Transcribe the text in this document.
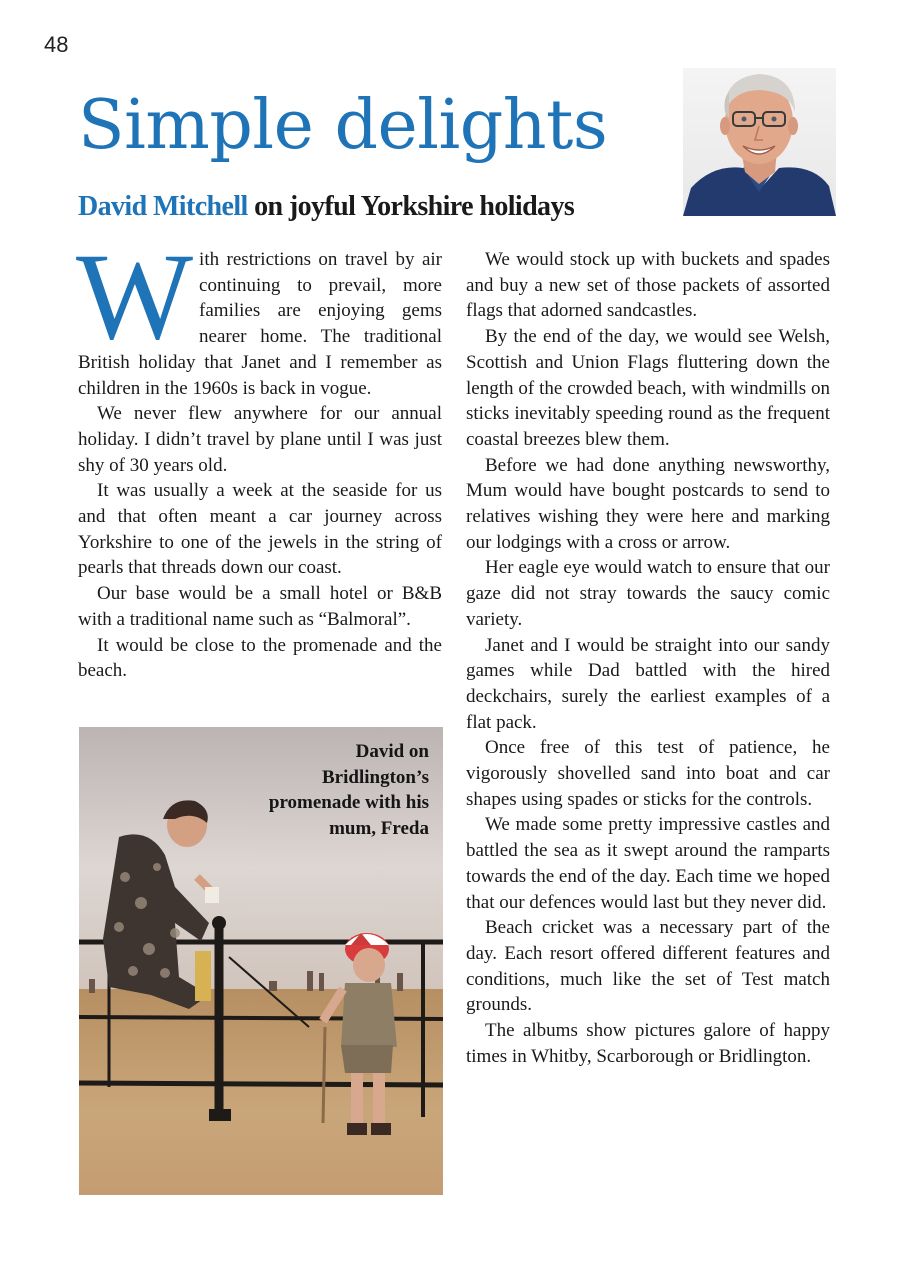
48
Simple delights
David Mitchell on joyful Yorkshire holidays

With restrictions on travel by air continuing to prevail, more families are enjoying gems nearer home. The traditional British holiday that Janet and I remember as children in the 1960s is back in vogue.

We never flew anywhere for our annual holiday. I didn’t travel by plane until I was just shy of 30 years old.

It was usually a week at the seaside for us and that often meant a car journey across Yorkshire to one of the jewels in the string of pearls that threads down our coast.

Our base would be a small hotel or B&B with a traditional name such as “Balmoral”.

It would be close to the promenade and the beach.

David on Bridlington’s promenade with his mum, Freda

We would stock up with buckets and spades and buy a new set of those packets of assorted flags that adorned sandcastles.

By the end of the day, we would see Welsh, Scottish and Union Flags fluttering down the length of the crowded beach, with windmills on sticks inevitably speeding round as the frequent coastal breezes blew them.

Before we had done anything newsworthy, Mum would have bought postcards to send to relatives wishing they were here and marking our lodgings with a cross or arrow.

Her eagle eye would watch to ensure that our gaze did not stray towards the saucy comic variety.

Janet and I would be straight into our sandy games while Dad battled with the hired deckchairs, surely the earliest examples of a flat pack.

Once free of this test of patience, he vigorously shovelled sand into boat and car shapes using spades or sticks for the controls.

We made some pretty impressive castles and battled the sea as it swept around the ramparts towards the end of the day. Each time we hoped that our defences would last but they never did.

Beach cricket was a necessary part of the day. Each resort offered different features and conditions, much like the set of Test match grounds.

The albums show pictures galore of happy times in Whitby, Scarborough or Bridlington.
